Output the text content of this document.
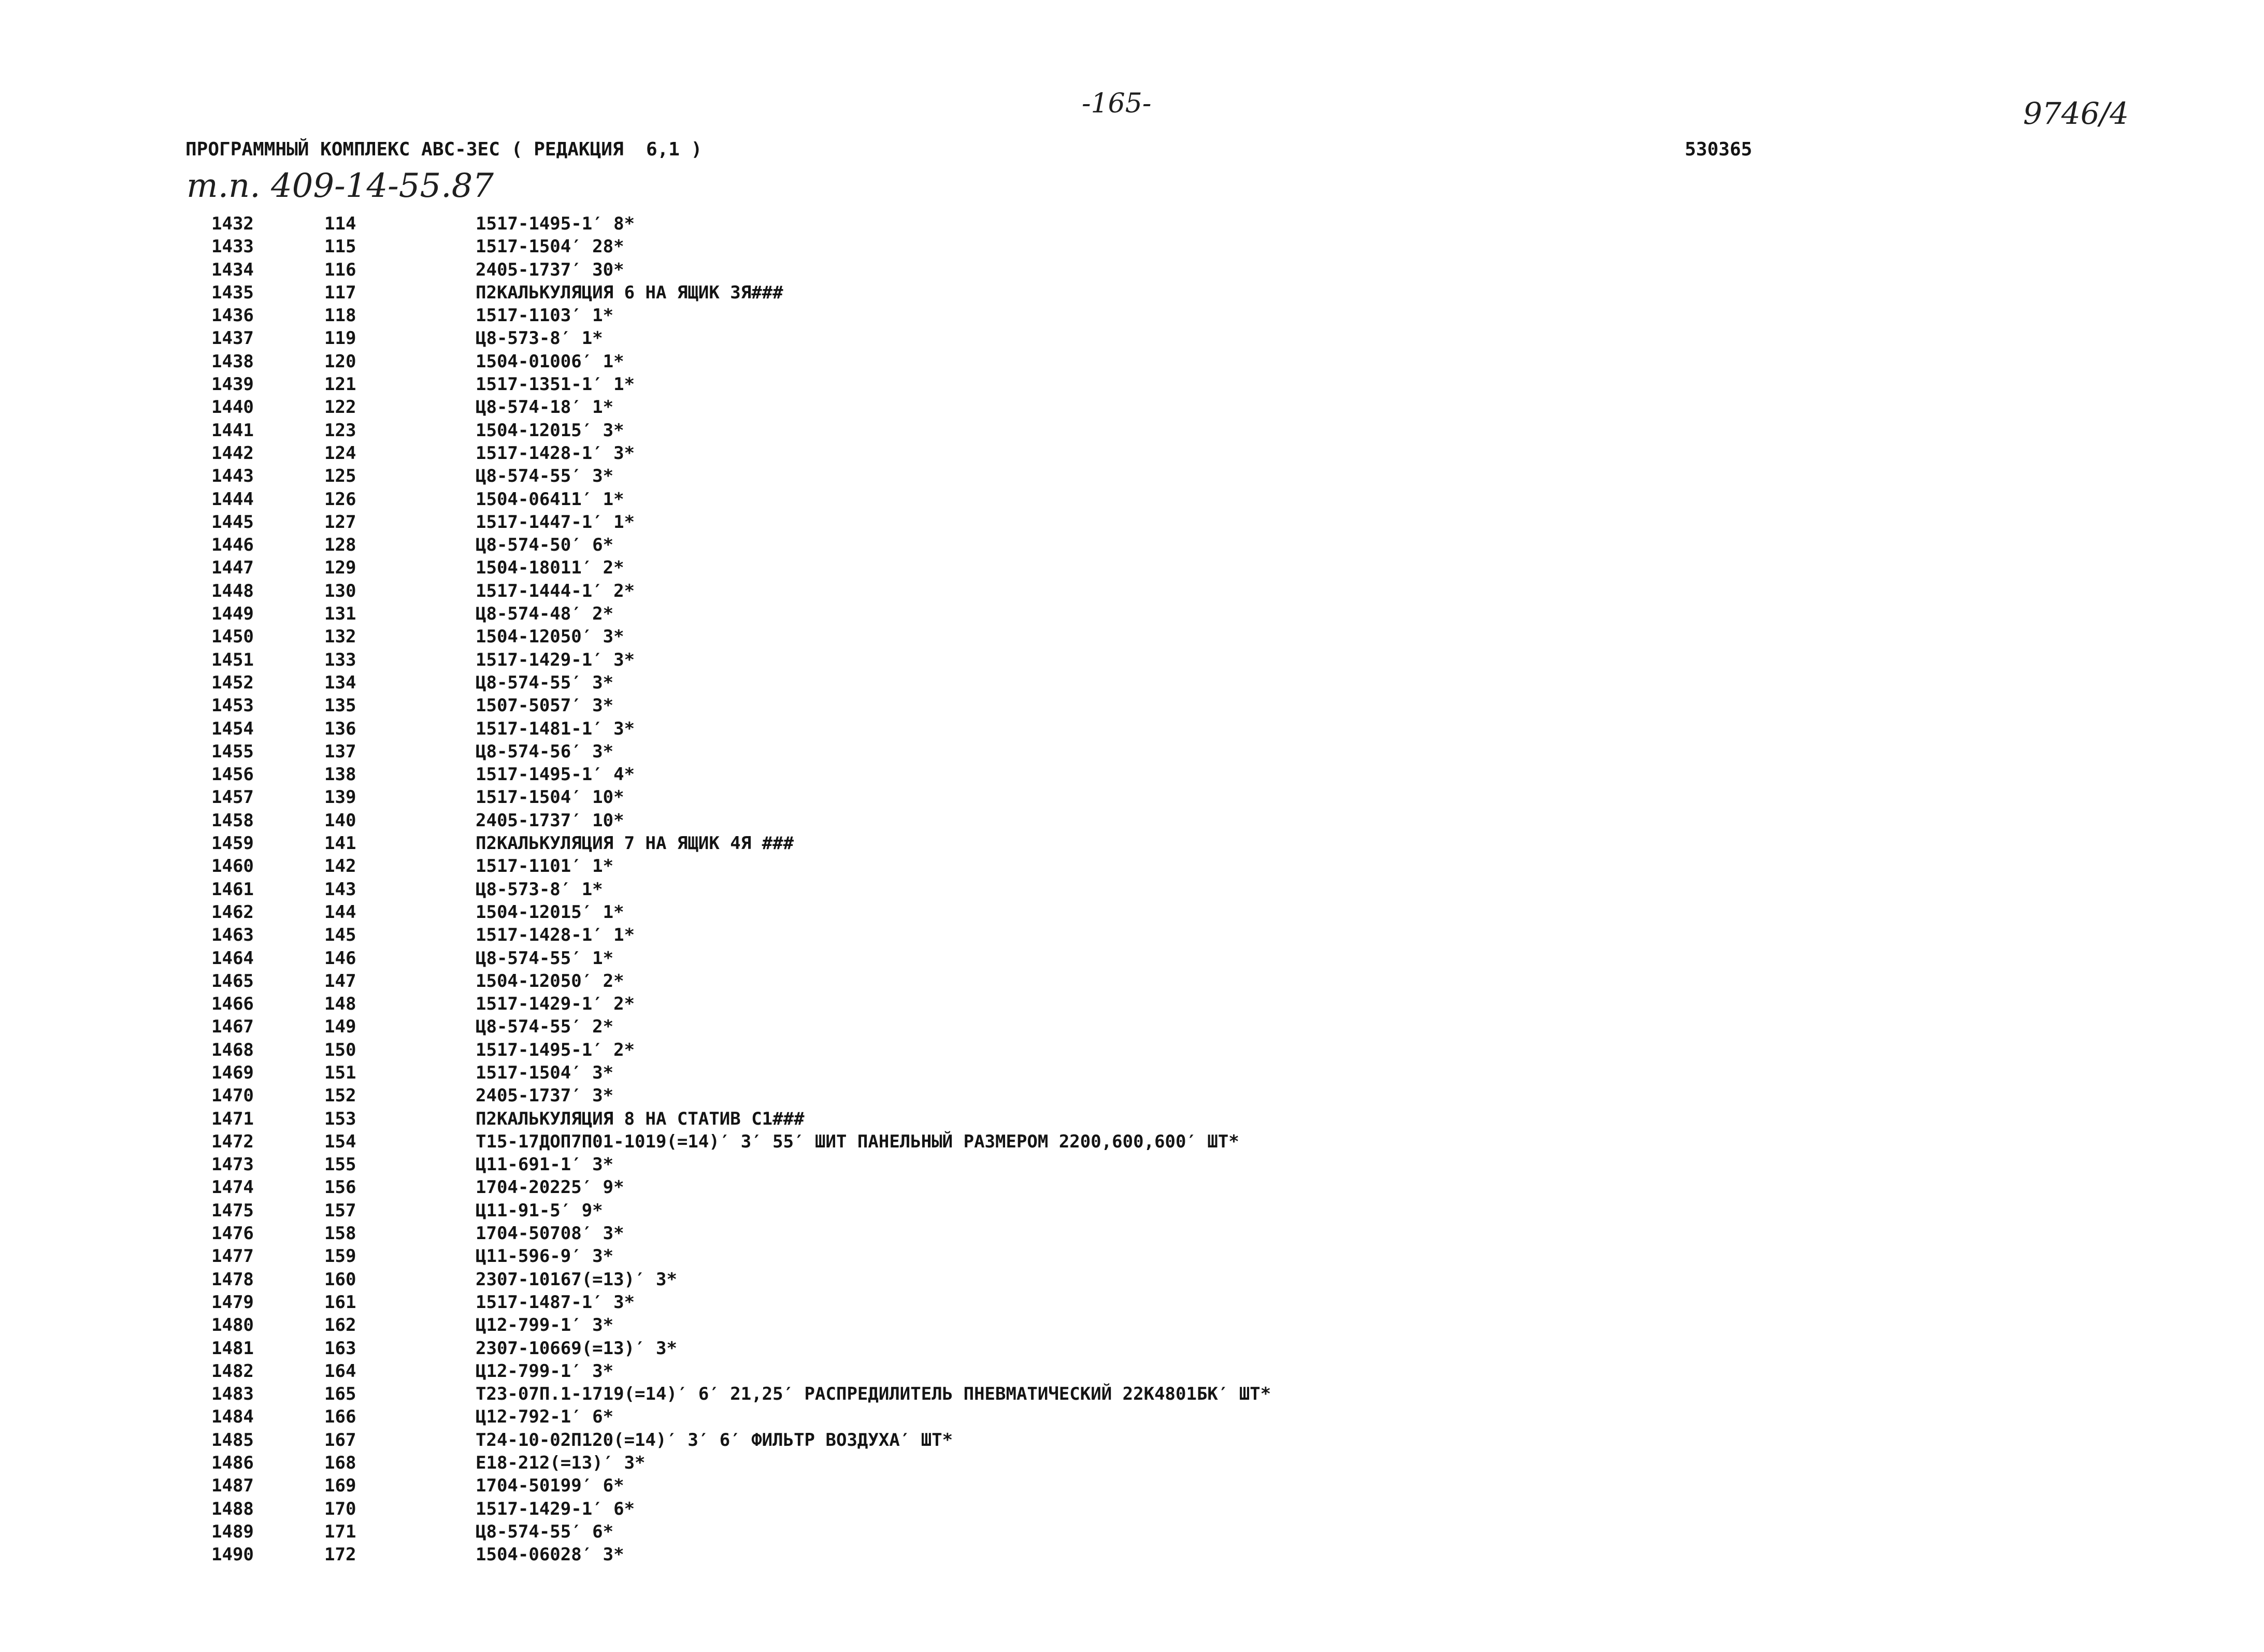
-165-	9746/4
ПРОГРАММНЫЙ КОМПЛЕКС АВС-3ЕС ( РЕДАКЦИЯ  6,1 )	530365
т.п. 409-14-55.87
1432	114	1517-1495-1′ 8*
1433	115	1517-1504′ 28*
1434	116	2405-1737′ 30*
1435	117	П2КАЛЬКУЛЯЦИЯ 6 НА ЯЩИК 3Я###
1436	118	1517-1103′ 1*
1437	119	Ц8-573-8′ 1*
1438	120	1504-01006′ 1*
1439	121	1517-1351-1′ 1*
1440	122	Ц8-574-18′ 1*
1441	123	1504-12015′ 3*
1442	124	1517-1428-1′ 3*
1443	125	Ц8-574-55′ 3*
1444	126	1504-06411′ 1*
1445	127	1517-1447-1′ 1*
1446	128	Ц8-574-50′ 6*
1447	129	1504-18011′ 2*
1448	130	1517-1444-1′ 2*
1449	131	Ц8-574-48′ 2*
1450	132	1504-12050′ 3*
1451	133	1517-1429-1′ 3*
1452	134	Ц8-574-55′ 3*
1453	135	1507-5057′ 3*
1454	136	1517-1481-1′ 3*
1455	137	Ц8-574-56′ 3*
1456	138	1517-1495-1′ 4*
1457	139	1517-1504′ 10*
1458	140	2405-1737′ 10*
1459	141	П2КАЛЬКУЛЯЦИЯ 7 НА ЯЩИК 4Я ###
1460	142	1517-1101′ 1*
1461	143	Ц8-573-8′ 1*
1462	144	1504-12015′ 1*
1463	145	1517-1428-1′ 1*
1464	146	Ц8-574-55′ 1*
1465	147	1504-12050′ 2*
1466	148	1517-1429-1′ 2*
1467	149	Ц8-574-55′ 2*
1468	150	1517-1495-1′ 2*
1469	151	1517-1504′ 3*
1470	152	2405-1737′ 3*
1471	153	П2КАЛЬКУЛЯЦИЯ 8 НА СТАТИВ С1###
1472	154	Т15-17ДОП7П01-1019(=14)′ 3′ 55′ ШИТ ПАНЕЛЬНЫЙ РАЗМЕРОМ 2200,600,600′ ШТ*
1473	155	Ц11-691-1′ 3*
1474	156	1704-20225′ 9*
1475	157	Ц11-91-5′ 9*
1476	158	1704-50708′ 3*
1477	159	Ц11-596-9′ 3*
1478	160	2307-10167(=13)′ 3*
1479	161	1517-1487-1′ 3*
1480	162	Ц12-799-1′ 3*
1481	163	2307-10669(=13)′ 3*
1482	164	Ц12-799-1′ 3*
1483	165	Т23-07П.1-1719(=14)′ 6′ 21,25′ РАСПРЕДИЛИТЕЛЬ ПНЕВМАТИЧЕСКИЙ 22К4801БК′ ШТ*
1484	166	Ц12-792-1′ 6*
1485	167	Т24-10-02П120(=14)′ 3′ 6′ ФИЛЬТР ВОЗДУХА′ ШТ*
1486	168	Е18-212(=13)′ 3*
1487	169	1704-50199′ 6*
1488	170	1517-1429-1′ 6*
1489	171	Ц8-574-55′ 6*
1490	172	1504-06028′ 3*
